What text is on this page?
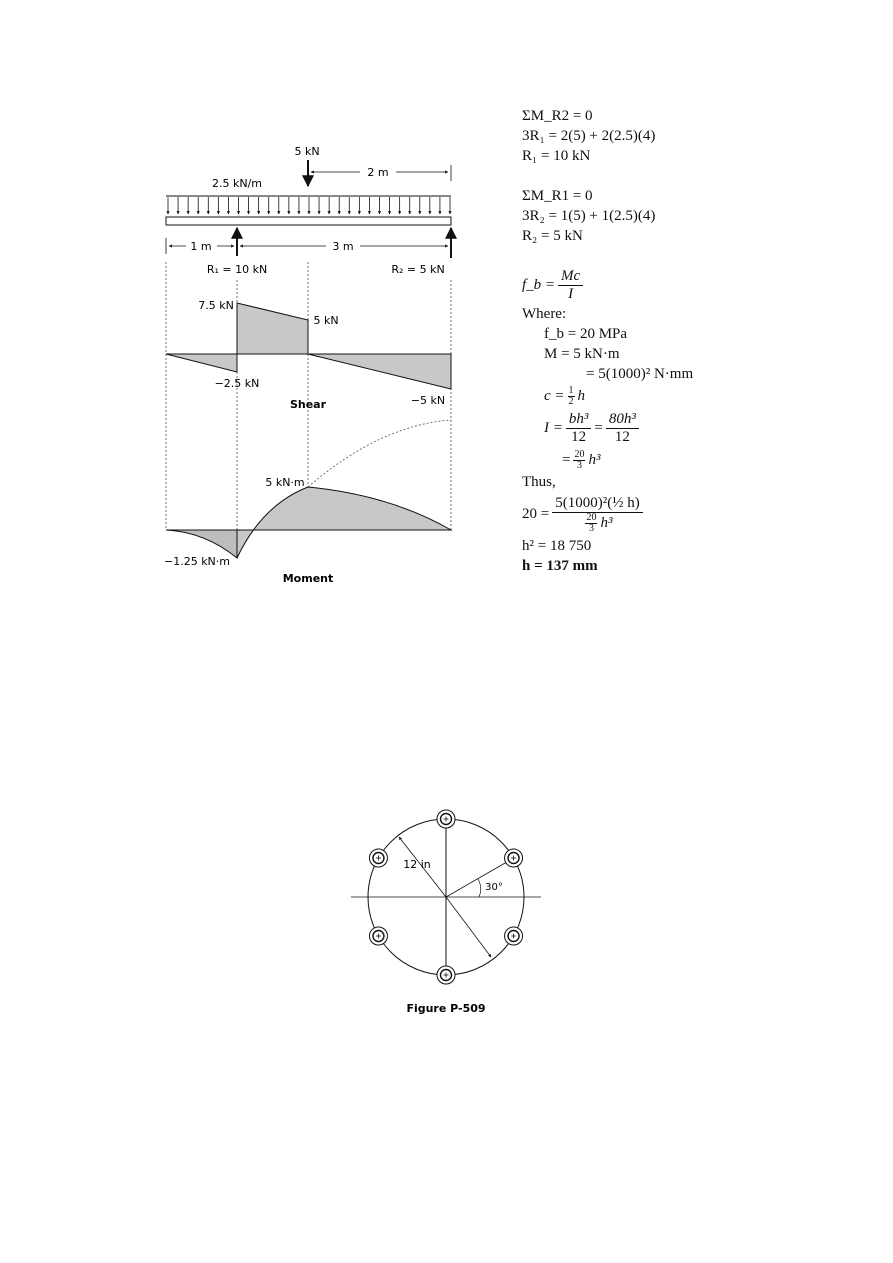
5 kN
2 m
2.5 kN/m
1 m	3 m
R₁ = 10 kN	R₂ = 5 kN
7.5 kN
5 kN
−2.5 kN
−5 kN
Shear
5 kN·m
−1.25 kN·m
Moment
12 in
30°
Figure P-509
ΣM_R2 = 0
3R₁ = 2(5) + 2(2.5)(4)
R₁ = 10 kN
ΣM_R1 = 0
3R₂ = 1(5) + 1(2.5)(4)
R₂ = 5 kN
f_b = $\frac{Mc}{I}$
Where:
f_b = 20 MPa
M = 5 kN·m
= 5(1000)² N·mm
$c = \frac{1}{2}$ h
$I = \frac{\text{bh³}}{12} = \frac{\text{80h³}}{12}$
= $\frac{20}{3} h^3$
Thus,
$20 = \frac{\text{5(1000)²(½ h)}}{\frac{20}{3} h^3}$
h² = 18 750
h = 137 mm
